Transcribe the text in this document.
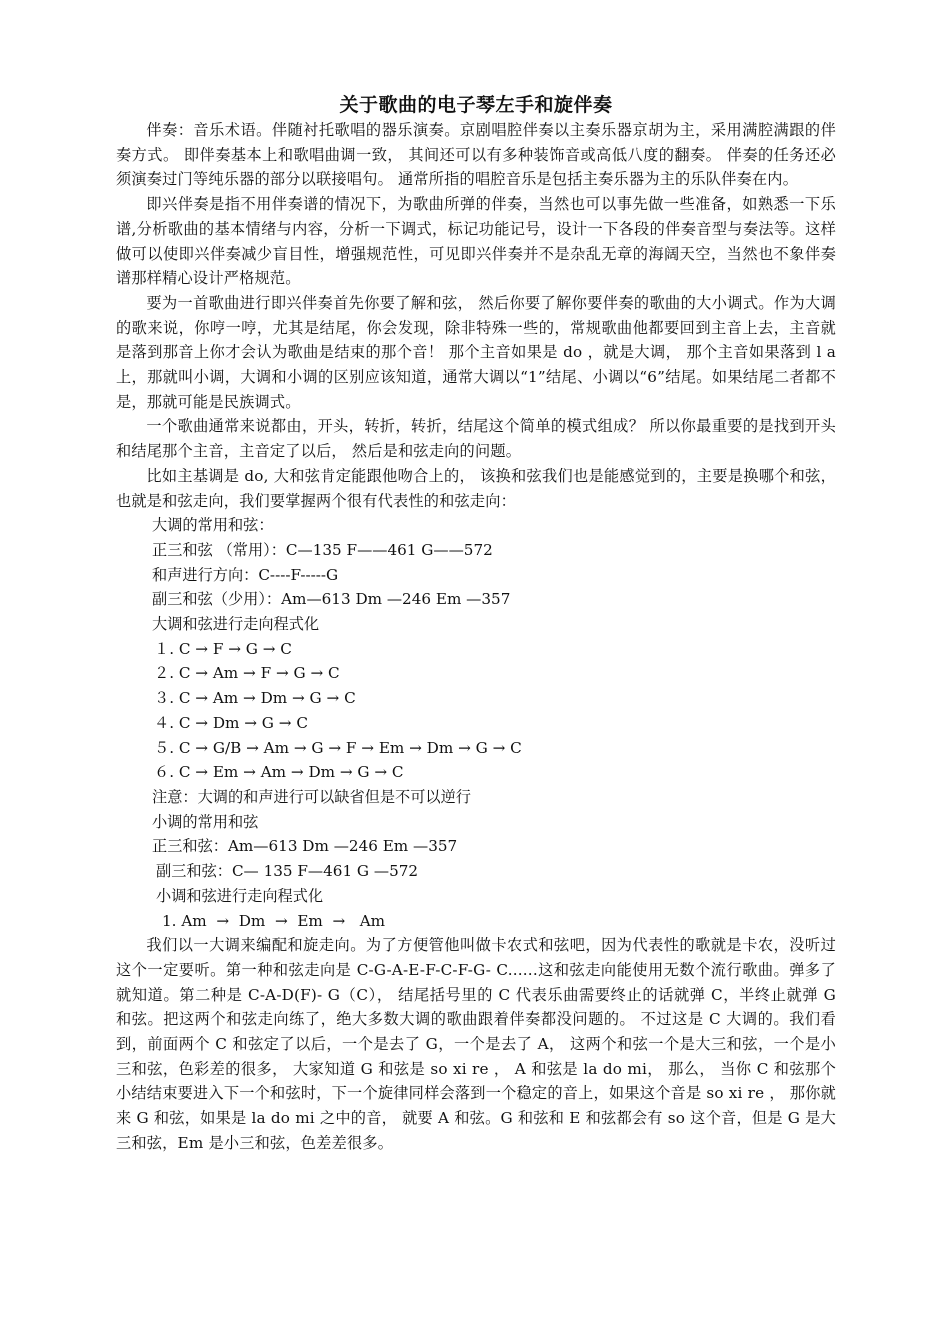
关于歌曲的电子琴左手和旋伴奏

伴奏：音乐术语。伴随衬托歌唱的器乐演奏。京剧唱腔伴奏以主奏乐器京胡为主，采用满腔满跟的伴奏方式。 即伴奏基本上和歌唱曲调一致， 其间还可以有多种装饰音或高低八度的翻奏。 伴奏的任务还必须演奏过门等纯乐器的部分以联接唱句。 通常所指的唱腔音乐是包括主奏乐器为主的乐队伴奏在内。

即兴伴奏是指不用伴奏谱的情况下，为歌曲所弹的伴奏，当然也可以事先做一些准备，如熟悉一下乐谱,分析歌曲的基本情绪与内容，分析一下调式，标记功能记号，设计一下各段的伴奏音型与奏法等。这样做可以使即兴伴奏减少盲目性，增强规范性，可见即兴伴奏并不是杂乱无章的海阔天空，当然也不象伴奏谱那样精心设计严格规范。

要为一首歌曲进行即兴伴奏首先你要了解和弦， 然后你要了解你要伴奏的歌曲的大小调式。作为大调的歌来说，你哼一哼，尤其是结尾，你会发现，除非特殊一些的，常规歌曲他都要回到主音上去，主音就是落到那音上你才会认为歌曲是结束的那个音！ 那个主音如果是 do ，就是大调， 那个主音如果落到 l a 上，那就叫小调，大调和小调的区别应该知道，通常大调以“1”结尾、小调以“6”结尾。如果结尾二者都不是，那就可能是民族调式。

一个歌曲通常来说都由，开头，转折，转折，结尾这个简单的模式组成？ 所以你最重要的是找到开头和结尾那个主音，主音定了以后， 然后是和弦走向的问题。

比如主基调是 do, 大和弦肯定能跟他吻合上的， 该换和弦我们也是能感觉到的，主要是换哪个和弦， 也就是和弦走向，我们要掌握两个很有代表性的和弦走向：

大调的常用和弦：

正三和弦 （常用）：C—135 F——461 G——572

和声进行方向：C----F-----G

副三和弦（少用）：Am—613 Dm —246 Em —357

大调和弦进行走向程式化

１. C → F → G → C

２. C → Am → F → G → C

３. C → Am → Dm → G → C

４. C → Dm → G → C

５. C → G/B → Am → G → F → Em → Dm → G → C

６. C → Em → Am → Dm → G → C

注意：大调的和声进行可以缺省但是不可以逆行

小调的常用和弦

正三和弦：Am—613 Dm —246 Em —357

副三和弦：C— 135 F—461 G —572

小调和弦进行走向程式化

1. Am  →  Dm  →  Em  →   Am

我们以一大调来编配和旋走向。为了方便管他叫做卡农式和弦吧，因为代表性的歌就是卡农，没听过这个一定要听。第一种和弦走向是 C-G-A-E-F-C-F-G- C......这和弦走向能使用无数个流行歌曲。弹多了就知道。第二种是 C-A-D(F)- G（C）， 结尾括号里的 C 代表乐曲需要终止的话就弹 C，半终止就弹 G 和弦。把这两个和弦走向练了，绝大多数大调的歌曲跟着伴奏都没问题的。 不过这是 C 大调的。我们看到，前面两个 C 和弦定了以后，一个是去了 G，一个是去了 A， 这两个和弦一个是大三和弦，一个是小三和弦，色彩差的很多， 大家知道 G 和弦是 so xi re ， A 和弦是 la do mi， 那么， 当你 C 和弦那个小结结束要进入下一个和弦时，下一个旋律同样会落到一个稳定的音上，如果这个音是 so xi re ， 那你就来 G 和弦，如果是 la do mi 之中的音， 就要 A 和弦。G 和弦和 E 和弦都会有 so 这个音，但是 G 是大三和弦，Em 是小三和弦，色差差很多。
